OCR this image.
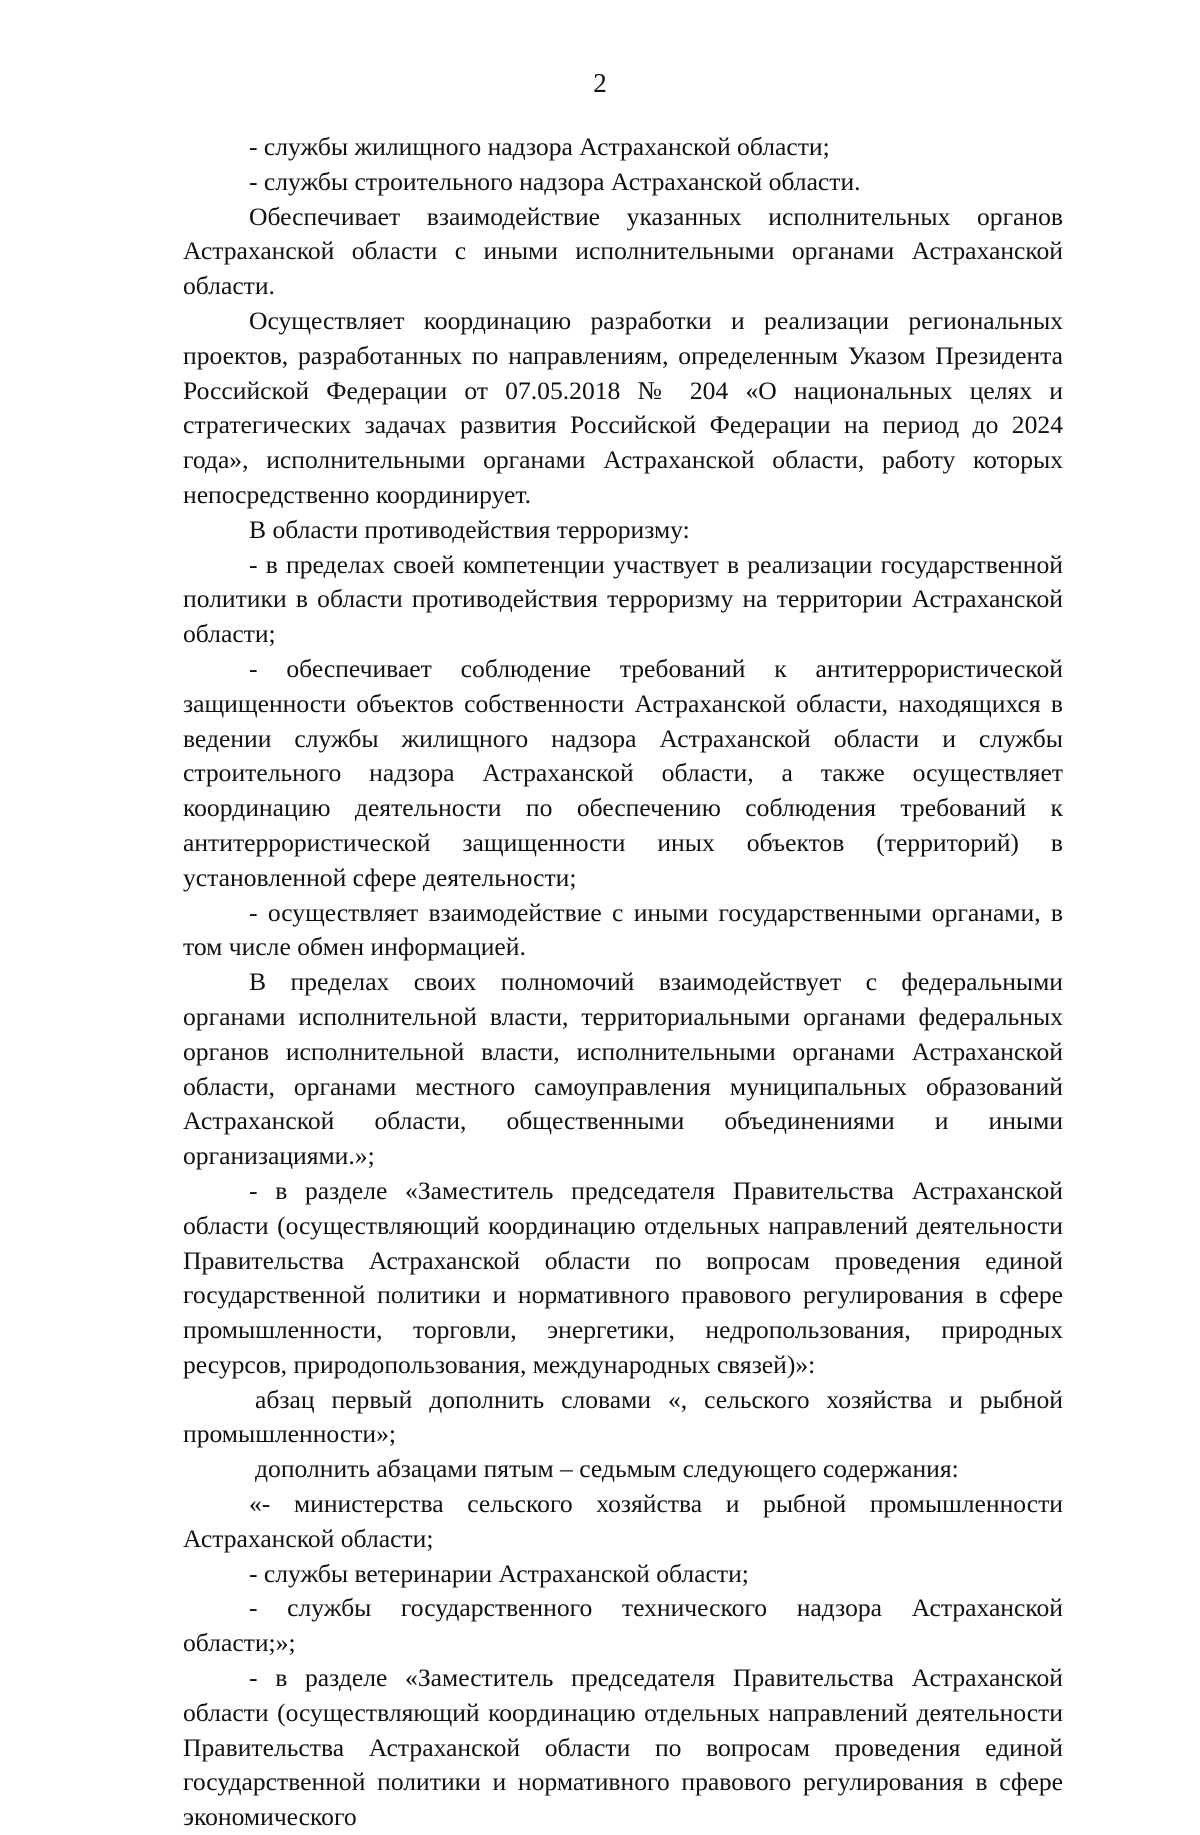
2

- службы жилищного надзора Астраханской области;

- службы строительного надзора Астраханской области.

Обеспечивает взаимодействие указанных исполнительных органов Астраханской области с иными исполнительными органами Астраханской области.

Осуществляет координацию разработки и реализации региональных проектов, разработанных по направлениям, определенным Указом Президента Российской Федерации от 07.05.2018 № 204 «О национальных целях и стратегических задачах развития Российской Федерации на период до 2024 года», исполнительными органами Астраханской области, работу которых непосредственно координирует.

В области противодействия терроризму:

- в пределах своей компетенции участвует в реализации государственной политики в области противодействия терроризму на территории Астраханской области;

- обеспечивает соблюдение требований к антитеррористической защищенности объектов собственности Астраханской области, находящихся в ведении службы жилищного надзора Астраханской области и службы строительного надзора Астраханской области, а также осуществляет координацию деятельности по обеспечению соблюдения требований к антитеррористической защищенности иных объектов (территорий) в установленной сфере деятельности;

- осуществляет взаимодействие с иными государственными органами, в том числе обмен информацией.

В пределах своих полномочий взаимодействует с федеральными органами исполнительной власти, территориальными органами федеральных органов исполнительной власти, исполнительными органами Астраханской области, органами местного самоуправления муниципальных образований Астраханской области, общественными объединениями и иными организациями.»;

- в разделе «Заместитель председателя Правительства Астраханской области (осуществляющий координацию отдельных направлений деятельности Правительства Астраханской области по вопросам проведения единой государственной политики и нормативного правового регулирования в сфере промышленности, торговли, энергетики, недропользования, природных ресурсов, природопользования, международных связей)»:

абзац первый дополнить словами «, сельского хозяйства и рыбной промышленности»;

дополнить абзацами пятым – седьмым следующего содержания:

«- министерства сельского хозяйства и рыбной промышленности Астраханской области;

- службы ветеринарии Астраханской области;

- службы государственного технического надзора Астраханской области;»;

- в разделе «Заместитель председателя Правительства Астраханской области (осуществляющий координацию отдельных направлений деятельности Правительства Астраханской области по вопросам проведения единой государственной политики и нормативного правового регулирования в сфере экономического
